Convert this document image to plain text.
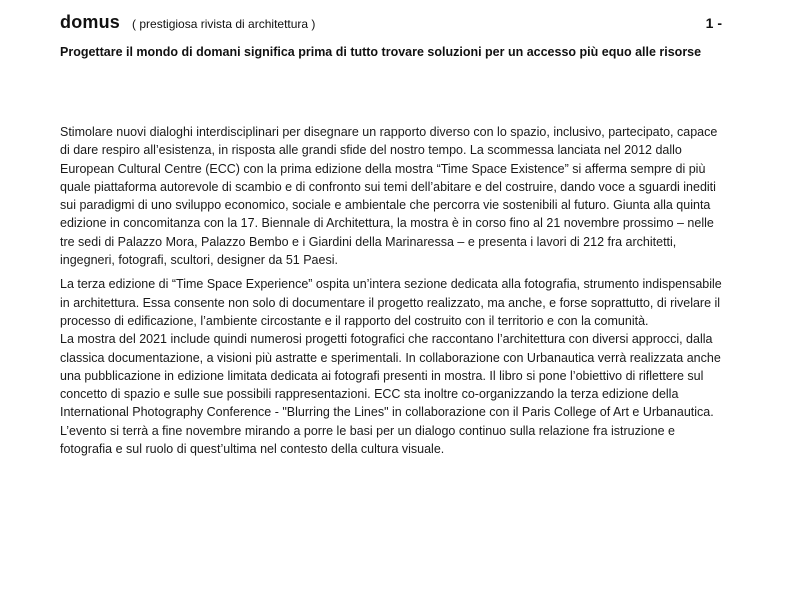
domus ( prestigiosa rivista di architettura )	1 -
Progettare il mondo di domani significa prima di tutto trovare soluzioni per un accesso più equo alle risorse

Stimolare nuovi dialoghi interdisciplinari per disegnare un rapporto diverso con lo spazio, inclusivo, partecipato, capace di dare respiro all’esistenza, in risposta alle grandi sfide del nostro tempo. La scommessa lanciata nel 2012 dallo European Cultural Centre (ECC) con la prima edizione della mostra “Time Space Existence” si afferma sempre di più quale piattaforma autorevole di scambio e di confronto sui temi dell’abitare e del costruire, dando voce a sguardi inediti sui paradigmi di uno sviluppo economico, sociale e ambientale che percorra vie sostenibili al futuro. Giunta alla quinta edizione in concomitanza con la 17. Biennale di Architettura, la mostra è in corso fino al 21 novembre prossimo – nelle tre sedi di Palazzo Mora, Palazzo Bembo e i Giardini della Marinaressa – e presenta i lavori di 212 fra architetti, ingegneri, fotografi, scultori, designer da 51 Paesi.

La terza edizione di “Time Space Experience” ospita un’intera sezione dedicata alla fotografia, strumento indispensabile in architettura. Essa consente non solo di documentare il progetto realizzato, ma anche, e forse soprattutto, di rivelare il processo di edificazione, l’ambiente circostante e il rapporto del costruito con il territorio e con la comunità.

La mostra del 2021 include quindi numerosi progetti fotografici che raccontano l’architettura con diversi approcci, dalla classica documentazione, a visioni più astratte e sperimentali. In collaborazione con Urbanautica verrà realizzata anche una pubblicazione in edizione limitata dedicata ai fotografi presenti in mostra. Il libro si pone l’obiettivo di riflettere sul concetto di spazio e sulle sue possibili rappresentazioni. ECC sta inoltre co-organizzando la terza edizione della International Photography Conference - "Blurring the Lines" in collaborazione con il Paris College of Art e Urbanautica. L’evento si terrà a fine novembre mirando a porre le basi per un dialogo continuo sulla relazione fra istruzione e fotografia e sul ruolo di quest’ultima nel contesto della cultura visuale.
